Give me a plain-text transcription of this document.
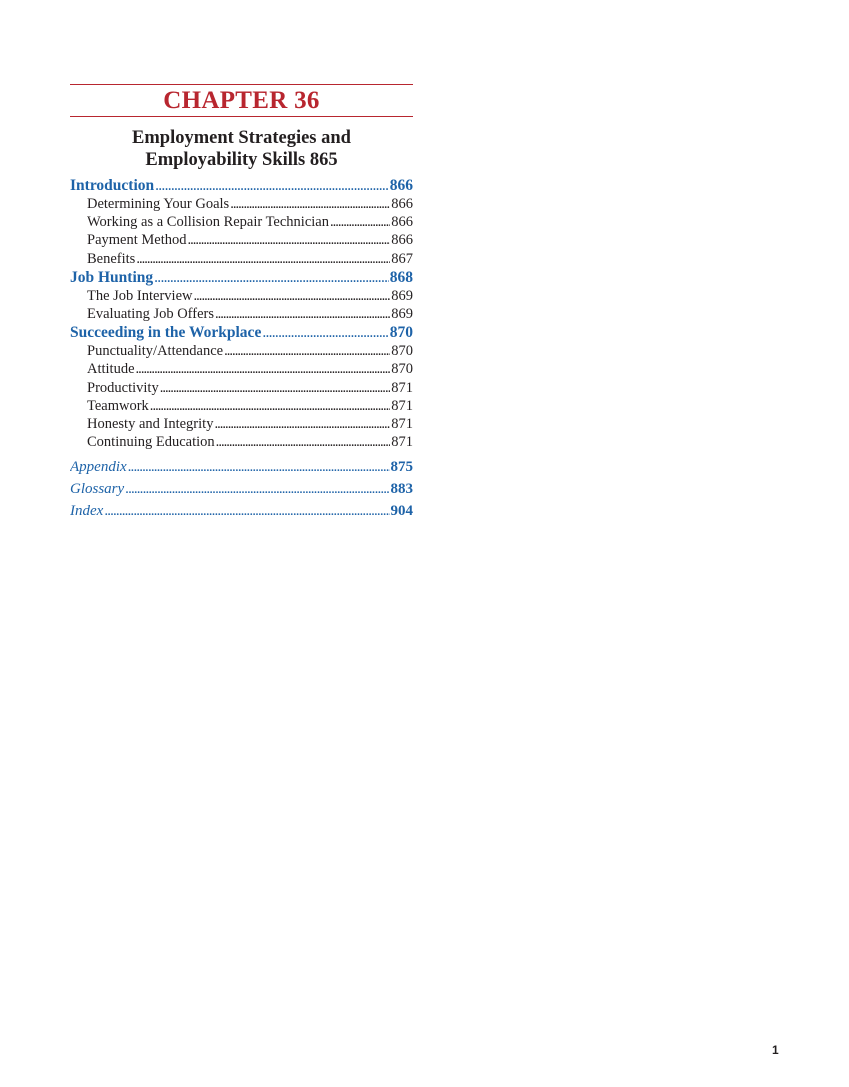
CHAPTER 36
Employment Strategies and
Employability Skills 865
Introduction . . .	866
Determining Your Goals . . .	866
Working as a Collision Repair Technician . . .	866
Payment Method . . .	866
Benefits . . .	867
Job Hunting . . .	868
The Job Interview . . .	869
Evaluating Job Offers . . .	869
Succeeding in the Workplace . . .	870
Punctuality/Attendance . . .	870
Attitude . . .	870
Productivity . . .	871
Teamwork . . .	871
Honesty and Integrity . . .	871
Continuing Education . . .	871
Appendix . . .	875
Glossary . . .	883
Index . . .	904
1
